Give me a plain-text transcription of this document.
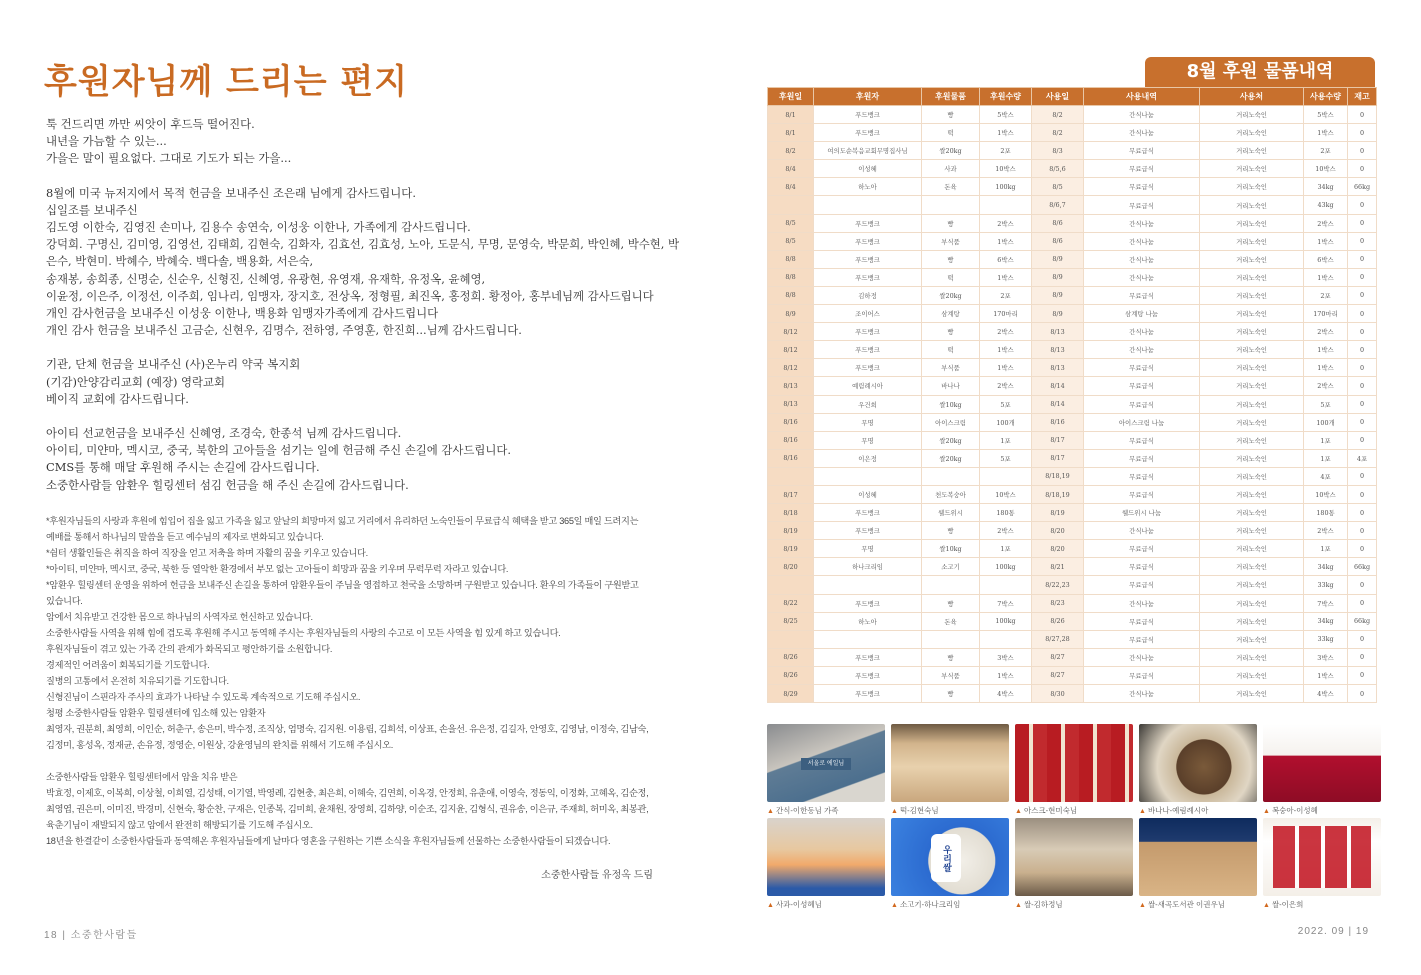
후원자님께 드리는 편지

툭 건드리면 까만 씨앗이 후드득 떨어진다.

내년을 가늠할 수 있는...

가을은 말이 필요없다. 그대로 기도가 되는 가을...

8월에 미국 뉴저지에서 목적 헌금을 보내주신 조은래 님에게 감사드립니다.

십일조를 보내주신

김도영 이한숙, 김영진 손미나, 김용수 송연숙, 이성웅 이한나, 가족에게 감사드립니다.

강덕희. 구명신, 김미영, 김영선, 김태희, 김현숙, 김화자, 김효선, 김효성, 노아, 도문식, 무명, 문영숙, 박문희, 박인혜, 박수현, 박

은수, 박현미. 박혜수, 박혜숙. 백다솔, 백용화, 서은숙,

송재봉, 송희종, 신명순, 신순우, 신형진, 신혜영, 유광현, 유영재, 유재학, 유정옥, 윤혜영,

이윤정, 이은주, 이정선, 이주희, 임나리, 임맹자, 장지호, 전상옥, 정형필, 최진옥, 홍정희. 황정아, 홍부네님께 감사드립니다

개인 감사헌금을 보내주신 이성웅 이한나, 백용화 임맹자가족에게 감사드립니다

개인 감사 헌금을 보내주신 고금순, 신현우, 김명수, 전하영, 주영훈, 한진희...님께 감사드립니다.

기관, 단체 헌금을 보내주신 (사)온누리 약국 복지회

(기감)안양감리교회 (예장) 영락교회

베이직 교회에 감사드립니다.

아이티 선교헌금을 보내주신 신혜영, 조경숙, 한종석 님께 감사드립니다.

아이티, 미얀마, 멕시코, 중국, 북한의 고아들을 섬기는 일에 헌금해 주신 손길에 감사드립니다.

CMS를 통해 매달 후원해 주시는 손길에 감사드립니다.

소중한사람들 암환우 힐링센터 섬김 헌금을 해 주신 손길에 감사드립니다.

*후원자님들의 사랑과 후원에 힘입어 집을 잃고 가족을 잃고 앞날의 희망마저 잃고 거리에서 유리하던 노숙인들이 무료급식 혜택을 받고 365일 매일 드려지는

예배를 통해서 하나님의 말씀을 듣고 예수님의 제자로 변화되고 있습니다.

*쉼터 생활인들은 취직을 하여 직장을 얻고 저축을 하며 자활의 꿈을 키우고 있습니다.

*아이티, 미얀마, 멕시코, 중국, 북한 등 열악한 환경에서 부모 없는 고아들이 희망과 꿈을 키우며 무럭무럭 자라고 있습니다.

*암환우 힐링센터 운영을 위하여 헌금을 보내주신 손길을 통하여 암환우들이 주님을 영접하고 천국을 소망하며 구원받고 있습니다. 환우의 가족들이 구원받고

있습니다.

암에서 치유받고 건강한 몸으로 하나님의 사역자로 헌신하고 있습니다.

소중한사람들 사역을 위해 힘에 겹도록 후원해 주시고 동역해 주시는 후원자님들의 사랑의 수고로 이 모든 사역을 힘 있게 하고 있습니다.

후원자님들이 겪고 있는 가족 간의 관계가 화목되고 평안하기를 소원합니다.

경제적인 어려움이 회복되기를 기도합니다.

질병의 고통에서 온전히 치유되기를 기도합니다.

신형진님이 스핀라자 주사의 효과가 나타날 수 있도록 계속적으로 기도해 주십시오.

청평 소중한사람들 암환우 힐링센터에 입소해 있는 암환자

최영자, 권분희, 최영희, 이인순, 허춘구, 송은미, 박수정, 조직상, 엄명숙, 김지원. 이용림, 김희석, 이상표, 손을선. 유은정, 김길자, 안영호, 김영남, 이정숙, 김남숙,

김정미, 홍성옥, 정재균, 손유정, 정영순, 이원상, 강윤영님의 완치를 위해서 기도해 주십시오.

소중한사람들 암환우 힐링센터에서 암을 치유 받은

박효정, 이제호, 이복희, 이상철, 이희열, 김성태, 이기열, 박영례, 김현충, 최은희, 이혜숙, 김연희, 이옥경, 안정희, 유춘애, 이영숙, 정동익, 이정화, 고혜옥, 김순정,

최영엽, 권은미, 이미진, 박경미, 신현숙, 황순찬, 구재은, 인종복, 김미희, 윤채원, 장영희, 김하양, 이순조, 김지윤, 김형식, 권유송, 이은규, 주재희, 허미옥, 최봉관,

육춘기님이 재발되지 않고 암에서 완전히 해방되기를 기도해 주십시오.

18년을 한결같이 소중한사람들과 동역해온 후원자님들에게 날마다 영혼을 구원하는 기쁜 소식을 후원자님들께 선물하는 소중한사람들이 되겠습니다.

소중한사람들 유정옥 드림
18 | 소중한사람들
8월 후원 물품내역
후원일	후원자	후원물품	후원수량	사용일	사용내역	사용처	사용수량	재고
8/1	푸드뱅크	빵	5박스	8/2	간식나눔	거리노숙인	5박스	0
8/1	푸드뱅크	떡	1박스	8/2	간식나눔	거리노숙인	1박스	0
8/2	여의도순복음교회무명집사님	쌀20kg	2포	8/3	무료급식	거리노숙인	2포	0
8/4	이성혜	사과	10박스	8/5,6	무료급식	거리노숙인	10박스	0
8/4	하노아	돈육	100kg	8/5	무료급식	거리노숙인	34kg	66kg
				8/6,7	무료급식	거리노숙인	43kg	0
8/5	푸드뱅크	빵	2박스	8/6	간식나눔	거리노숙인	2박스	0
8/5	푸드뱅크	부식품	1박스	8/6	간식나눔	거리노숙인	1박스	0
8/8	푸드뱅크	빵	6박스	8/9	간식나눔	거리노숙인	6박스	0
8/8	푸드뱅크	떡	1박스	8/9	간식나눔	거리노숙인	1박스	0
8/8	김하정	쌀20kg	2포	8/9	무료급식	거리노숙인	2포	0
8/9	조이어스	삼계탕	170마리	8/9	삼계탕 나눔	거리노숙인	170마리	0
8/12	푸드뱅크	빵	2박스	8/13	간식나눔	거리노숙인	2박스	0
8/12	푸드뱅크	떡	1박스	8/13	간식나눔	거리노숙인	1박스	0
8/12	푸드뱅크	부식품	1박스	8/13	무료급식	거리노숙인	1박스	0
8/13	예림례시아	바나나	2박스	8/14	무료급식	거리노숙인	2박스	0
8/13	우건희	쌀10kg	5포	8/14	무료급식	거리노숙인	5포	0
8/16	무명	아이스크림	100개	8/16	아이스크림 나눔	거리노숙인	100개	0
8/16	무명	쌀20kg	1포	8/17	무료급식	거리노숙인	1포	0
8/16	이은정	쌀20kg	5포	8/17	무료급식	거리노숙인	1포	4포
				8/18,19	무료급식	거리노숙인	4포	0
8/17	이성혜	천도복숭아	10박스	8/18,19	무료급식	거리노숙인	10박스	0
8/18	푸드뱅크	웰드위시	180통	8/19	웰드위시 나눔	거리노숙인	180통	0
8/19	푸드뱅크	빵	2박스	8/20	간식나눔	거리노숙인	2박스	0
8/19	무명	쌀10kg	1포	8/20	무료급식	거리노숙인	1포	0
8/20	하나크리임	소고기	100kg	8/21	무료급식	거리노숙인	34kg	66kg
				8/22,23	무료급식	거리노숙인	33kg	0
8/22	푸드뱅크	빵	7박스	8/23	간식나눔	거리노숙인	7박스	0
8/25	하노아	돈육	100kg	8/26	무료급식	거리노숙인	34kg	66kg
				8/27,28	무료급식	거리노숙인	33kg	0
8/26	푸드뱅크	빵	3박스	8/27	간식나눔	거리노숙인	3박스	0
8/26	푸드뱅크	부식품	1박스	8/27	무료급식	거리노숙인	1박스	0
8/29	푸드뱅크	빵	4박스	8/30	간식나눔	거리노숙인	4박스	0
서울로 에일님
▲ 간식-이한동님 가족	▲ 떡-김현숙님	▲ 아스크-현미숙님	▲ 바나나-예림례시아	▲ 복숭아-이성혜
▲ 사과-이성혜님
우리쌀
▲ 소고기-하나크리임	▲ 쌀-김하정님	▲ 쌀-새곡도서관 이권우님	▲ 쌀-이은희
2022. 09 | 19
